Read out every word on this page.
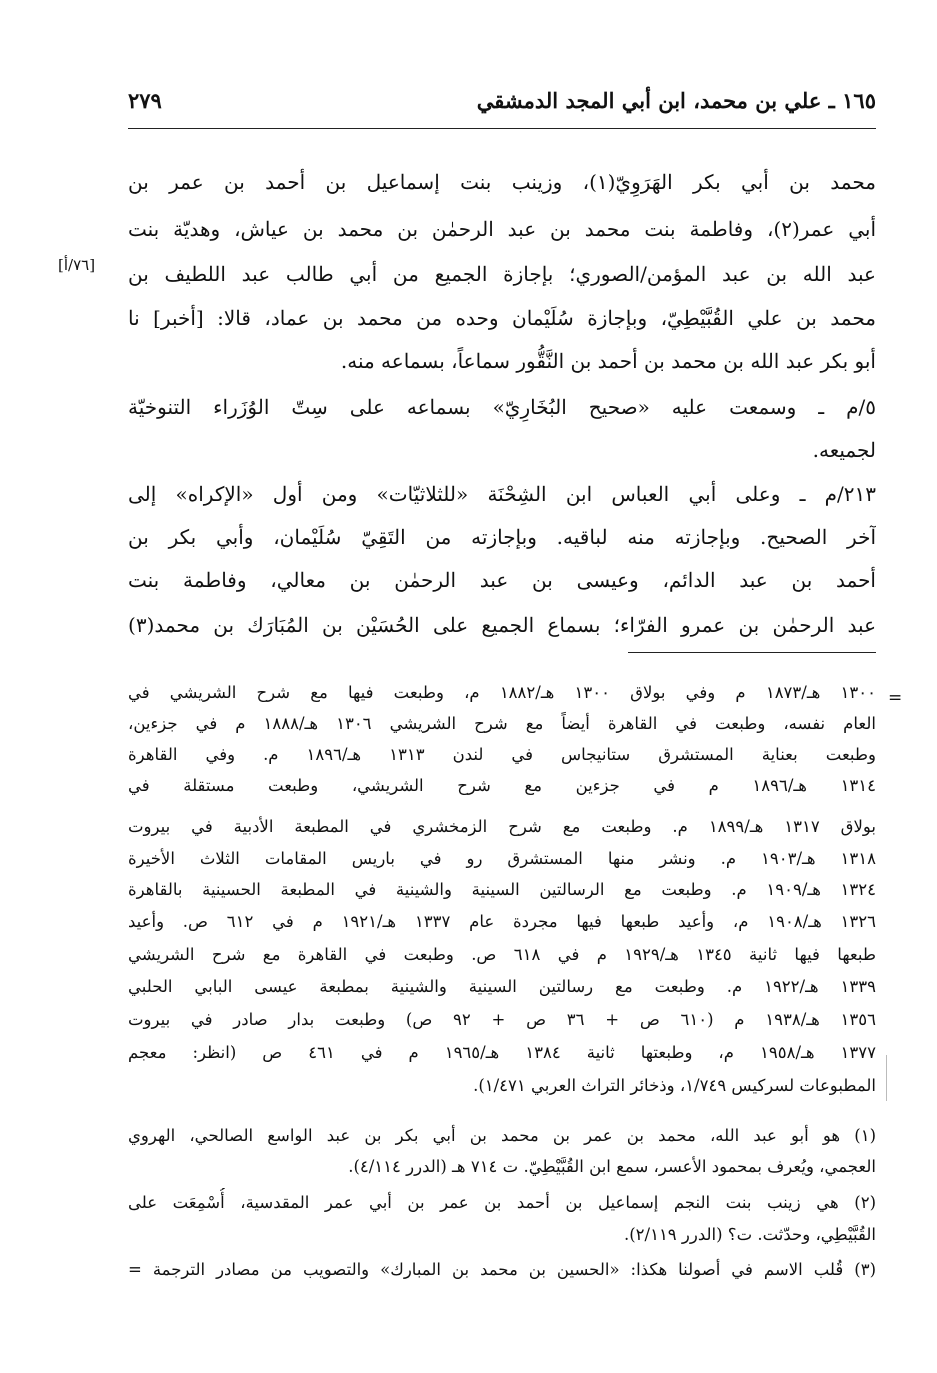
١٦٥ ـ علي بن محمد، ابن أبي المجد الدمشقي
٢٧٩
[٧٦/أ]
محمد بن أبي بكر الهَرَوِيّ(١)، وزينب بنت إسماعيل بن أحمد بن عمر بن
أبي عمر(٢)، وفاطمة بنت محمد بن عبد الرحمٰن بن محمد بن عياش، وهديّة بنت
عبد الله بن عبد المؤمن/الصوري؛ بإجازة الجميع من أبي طالب عبد اللطيف بن
محمد بن علي القُبَّيْطِيّ، وبإجازة سُلَيْمان وحده من محمد بن عماد، قالا: [أخبر] نا
أبو بكر عبد الله بن محمد بن أحمد بن النَّقُّور سماعاً، بسماعه منه.
٥/م ـ وسمعت عليه «صحيح البُخَارِيّ» بسماعه على سِتّ الوُزَراء التنوخيّة
لجميعه.
٢١٣/م ـ وعلى أبي العباس ابن الشِحْنَة «للثلاثيّات» ومن أول «الإكراه» إلى
آخر الصحيح. وبإجازته منه لباقيه. وبإجازته من التَقِيّ سُلَيْمان، وأبي بكر بن
أحمد بن عبد الدائم، وعيسى بن عبد الرحمٰن بن معالي، وفاطمة بنت
عبد الرحمٰن بن عمرو الفرّاء؛ بسماع الجميع على الحُسَيْن بن المُبَارَك بن محمد(٣)
=
١٣٠٠ هـ/١٨٧٣ م وفي بولاق ١٣٠٠ هـ/١٨٨٢ م، وطبعت فيها مع شرح الشريشي في
العام نفسه، وطبعت في القاهرة أيضاً مع شرح الشريشي ١٣٠٦ هـ/١٨٨٨ م في جزءين،
وطبعت بعناية المستشرق ستانيجاس في لندن ١٣١٣ هـ/١٨٩٦ م. وفي القاهرة
١٣١٤ هـ/١٨٩٦ م في جزءين مع شرح الشريشي، وطبعت مستقلة في
بولاق ١٣١٧ هـ/١٨٩٩ م. وطبعت مع شرح الزمخشري في المطبعة الأدبية في بيروت
١٣١٨ هـ/١٩٠٣ م. ونشر منها المستشرق رو في باريس المقامات الثلاث الأخيرة
١٣٢٤ هـ/١٩٠٩ م. وطبعت مع الرسالتين السينية والشينية في المطبعة الحسينية بالقاهرة
١٣٢٦ هـ/١٩٠٨ م، وأعيد طبعها فيها مجردة عام ١٣٣٧ هـ/١٩٢١ م في ٦١٢ ص. وأعيد
طبعها فيها ثانية ١٣٤٥ هـ/١٩٢٩ م في ٦١٨ ص. وطبعت في القاهرة مع شرح الشريشي
١٣٣٩ هـ/١٩٢٢ م. وطبعت مع رسالتين السينية والشينية بمطبعة عيسى البابي الحلبي
١٣٥٦ هـ/١٩٣٨ م (٦١٠ ص + ٣٦ ص + ٩٢ ص) وطبعت بدار صادر في بيروت
١٣٧٧ هـ/١٩٥٨ م، وطبعتها ثانية ١٣٨٤ هـ/١٩٦٥ م في ٤٦١ ص (انظر: معجم
المطبوعات لسركيس ١/٧٤٩، وذخائر التراث العربي ١/٤٧١).
(١) هو أبو عبد الله، محمد بن عمر بن محمد بن أبي بكر بن عبد الواسع الصالحي، الهروي
العجمي، ويُعرف بمحمود الأعسر، سمع ابن القُبَّيْطِيّ. ت ٧١٤ هـ (الدرر ٤/١١٤).
(٢) هي زينب بنت النجم إسماعيل بن أحمد بن عمر بن أبي عمر المقدسية، أُسْمِعَت على
القُبَّيْطِي، وحدّثت. ت؟ (الدرر ٢/١١٩).
(٣) قُلب الاسم في أصولنا هكذا: «الحسين بن محمد بن المبارك» والتصويب من مصادر الترجمة =
